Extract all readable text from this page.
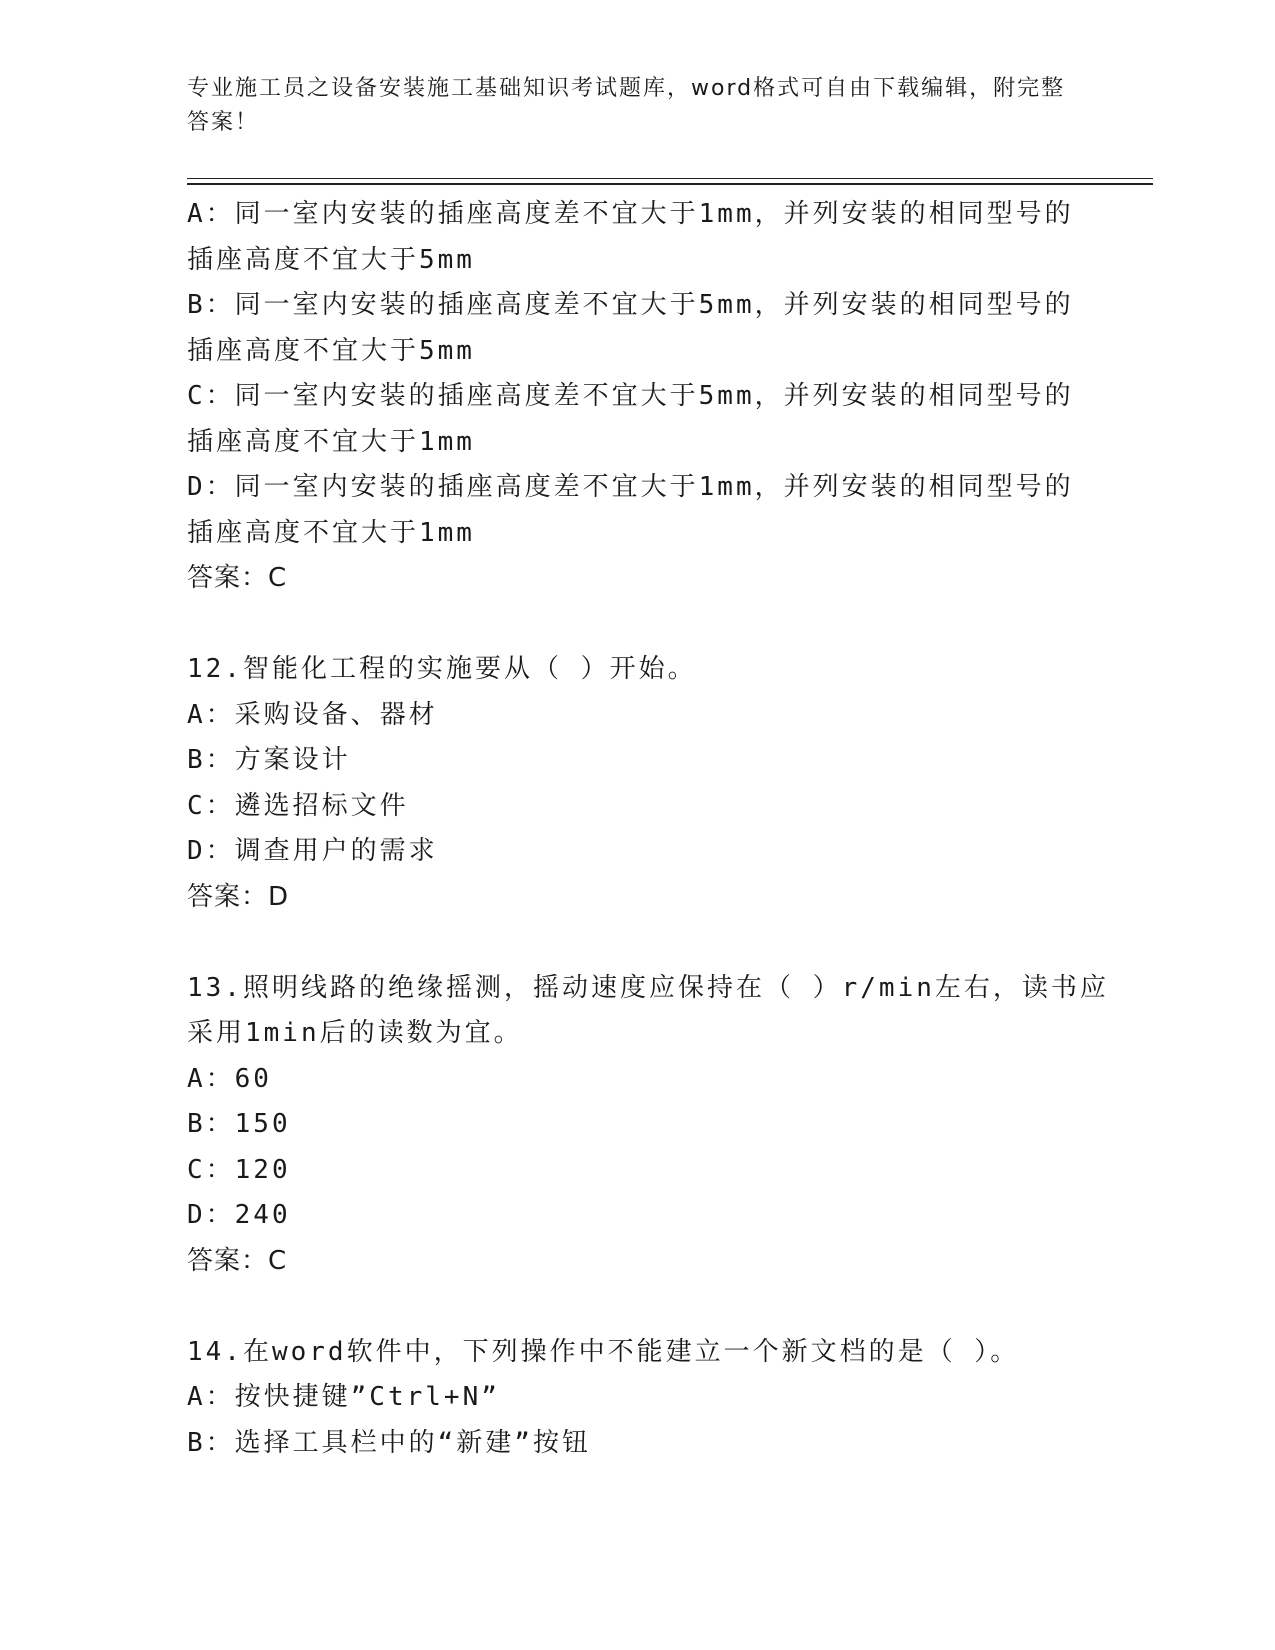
专业施工员之设备安装施工基础知识考试题库，word格式可自由下载编辑，附完整答案！
A：同一室内安装的插座高度差不宜大于1mm，并列安装的相同型号的
插座高度不宜大于5mm
B：同一室内安装的插座高度差不宜大于5mm，并列安装的相同型号的
插座高度不宜大于5mm
C：同一室内安装的插座高度差不宜大于5mm，并列安装的相同型号的
插座高度不宜大于1mm
D：同一室内安装的插座高度差不宜大于1mm，并列安装的相同型号的
插座高度不宜大于1mm
答案：C
12.智能化工程的实施要从（ ）开始。
A：采购设备、器材
B：方案设计
C：遴选招标文件
D：调查用户的需求
答案：D
13.照明线路的绝缘摇测，摇动速度应保持在（ ）r/min左右，读书应
采用1min后的读数为宜。
A：60
B：150
C：120
D：240
答案：C
14.在word软件中，下列操作中不能建立一个新文档的是（ ）。
A：按快捷键”Ctrl+N”
B：选择工具栏中的“新建”按钮
